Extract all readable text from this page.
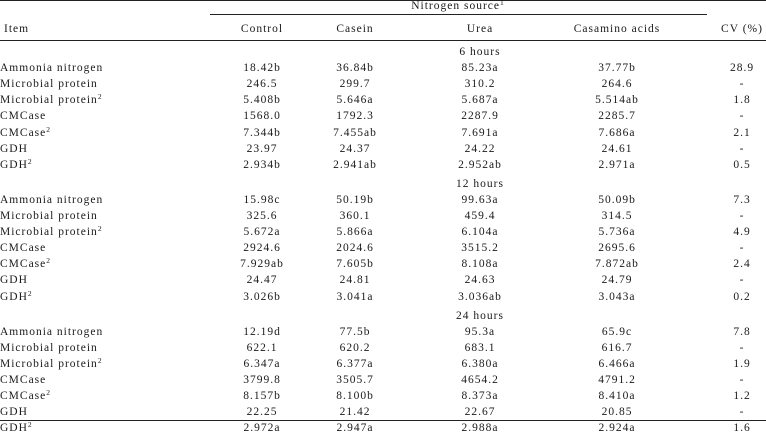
Nitrogen source$^1$
Item	Control	Casein	Urea	Casamino acids	CV (%)
6 hours
Ammonia nitrogen	18.42b	36.84b	85.23a	37.77b	28.9
Microbial protein	246.5	299.7	310.2	264.6	-
Microbial protein$^2$	5.408b	5.646a	5.687a	5.514ab	1.8
CMCase	1568.0	1792.3	2287.9	2285.7	-
CMCase$^2$	7.344b	7.455ab	7.691a	7.686a	2.1
GDH	23.97	24.37	24.22	24.61	-
GDH$^2$	2.934b	2.941ab	2.952ab	2.971a	0.5
12 hours
Ammonia nitrogen	15.98c	50.19b	99.63a	50.09b	7.3
Microbial protein	325.6	360.1	459.4	314.5	-
Microbial protein$^2$	5.672a	5.866a	6.104a	5.736a	4.9
CMCase	2924.6	2024.6	3515.2	2695.6	-
CMCase$^2$	7.929ab	7.605b	8.108a	7.872ab	2.4
GDH	24.47	24.81	24.63	24.79	-
GDH$^2$	3.026b	3.041a	3.036ab	3.043a	0.2
24 hours
Ammonia nitrogen	12.19d	77.5b	95.3a	65.9c	7.8
Microbial protein	622.1	620.2	683.1	616.7	-
Microbial protein$^2$	6.347a	6.377a	6.380a	6.466a	1.9
CMCase	3799.8	3505.7	4654.2	4791.2	-
CMCase$^2$	8.157b	8.100b	8.373a	8.410a	1.2
GDH	22.25	21.42	22.67	20.85	-
GDH$^2$	2.972a	2.947a	2.988a	2.924a	1.6
